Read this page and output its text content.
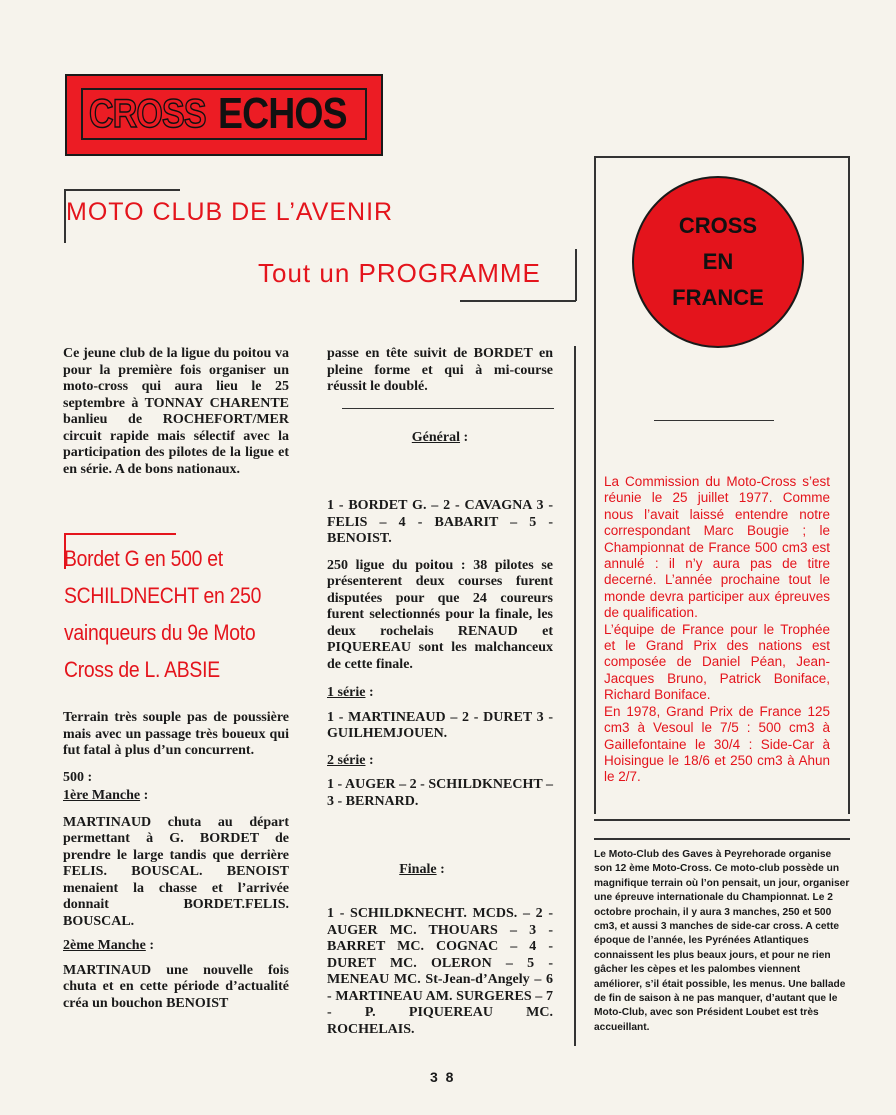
CROSS ECHOS
MOTO CLUB DE L’AVENIR
Tout un PROGRAMME

Ce jeune club de la ligue du poitou va pour la première fois organiser un moto-cross qui aura lieu le 25 septembre à TONNAY CHARENTE banlieu de ROCHEFORT/MER circuit rapide mais sélectif avec la participation des pilotes de la ligue et en série. A de bons nationaux.

Bordet G en 500 et
SCHILDNECHT en 250
vainqueurs du 9e Moto
Cross de L. ABSIE

Terrain très souple pas de poussière mais avec un passage très boueux qui fut fatal à plus d’un concurrent.

500 :

1ère Manche :

MARTINAUD chuta au départ permettant à G. BORDET de prendre le large tandis que derrière FELIS. BOUSCAL. BENOIST menaient la chasse et l’arrivée donnait BORDET.FELIS. BOUSCAL.

2ème Manche :

MARTINAUD une nouvelle fois chuta et en cette période d’actualité créa un bouchon BENOIST

passe en tête suivit de BORDET en pleine forme et qui à mi-course réussit le doublé.

Général :

1 - BORDET G. – 2 - CAVAGNA 3 - FELIS – 4 - BABARIT – 5 - BENOIST.

250 ligue du poitou : 38 pilotes se présenterent deux courses furent disputées pour que 24 coureurs furent selectionnés pour la finale, les deux rochelais RENAUD et PIQUEREAU sont les malchanceux de cette finale.

1 série :

1 - MARTINEAUD – 2 - DURET 3 - GUILHEMJOUEN.

2 série :

1 - AUGER – 2 - SCHILDKNECHT – 3 - BERNARD.

Finale :

1 - SCHILDKNECHT. MCDS. – 2 - AUGER MC. THOUARS – 3 - BARRET MC. COGNAC – 4 - DURET MC. OLERON – 5 - MENEAU MC. St-Jean-d’Angely – 6 - MARTINEAU AM. SURGERES – 7 - P. PIQUEREAU MC. ROCHELAIS.

CROSS
EN
FRANCE

La Commission du Moto-Cross s’est réunie le 25 juillet 1977. Comme nous l’avait laissé entendre notre correspondant Marc Bougie ; le Championnat de France 500 cm3 est annulé : il n’y aura pas de titre decerné. L’année prochaine tout le monde devra participer aux épreuves de qualification.

L’équipe de France pour le Trophée et le Grand Prix des nations est composée de Daniel Péan, Jean-Jacques Bruno, Patrick Boniface, Richard Boniface.

En 1978, Grand Prix de France 125 cm3 à Vesoul le 7/5 : 500 cm3 à Gaillefontaine le 30/4 : Side-Car à Hoisingue le 18/6 et 250 cm3 à Ahun le 2/7.

Le Moto-Club des Gaves à Peyrehorade organise son 12 ème Moto-Cross. Ce moto-club possède un magnifique terrain où l’on pensait, un jour, organiser une épreuve internationale du Championnat. Le 2 octobre prochain, il y aura 3 manches, 250 et 500 cm3, et aussi 3 manches de side-car cross. A cette époque de l’année, les Pyrénées Atlantiques connaissent les plus beaux jours, et pour ne rien gâcher les cèpes et les palombes viennent améliorer, s’il était possible, les menus. Une ballade de fin de saison à ne pas manquer, d’autant que le Moto-Club, avec son Président Loubet est très accueillant.

3 8
